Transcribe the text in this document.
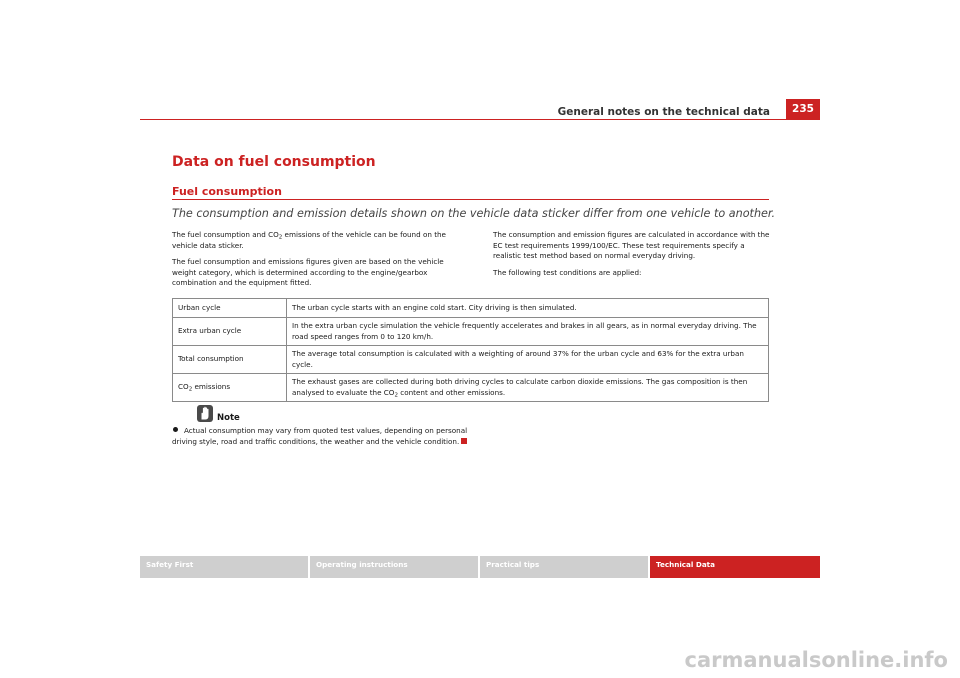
General notes on the technical data	235
Data on fuel consumption
Fuel consumption
The consumption and emission details shown on the vehicle data sticker differ from one vehicle to another.

The fuel consumption and $CO_2$ emissions of the vehicle can be found on the vehicle data sticker.

The fuel consumption and emissions figures given are based on the vehicle weight category, which is determined according to the engine/gearbox combination and the equipment fitted.

The consumption and emission figures are calculated in accordance with the EC test requirements 1999/100/EC. These test requirements specify a realistic test method based on normal everyday driving.

The following test conditions are applied:

Urban cycle	The urban cycle starts with an engine cold start. City driving is then simulated.
Extra urban cycle	In the extra urban cycle simulation the vehicle frequently accelerates and brakes in all gears, as in normal everyday driving. The road speed ranges from 0 to 120 km/h.
Total consumption	The average total consumption is calculated with a weighting of around 37% for the urban cycle and 63% for the extra urban cycle.
$CO_2$ emissions	The exhaust gases are collected during both driving cycles to calculate carbon dioxide emissions. The gas composition is then analysed to evaluate the $CO_2$ content and other emissions.
Note
Actual consumption may vary from quoted test values, depending on personal driving style, road and traffic conditions, the weather and the vehicle condition.
Safety First	Operating instructions	Practical tips	Technical Data
carmanualsonline.info
